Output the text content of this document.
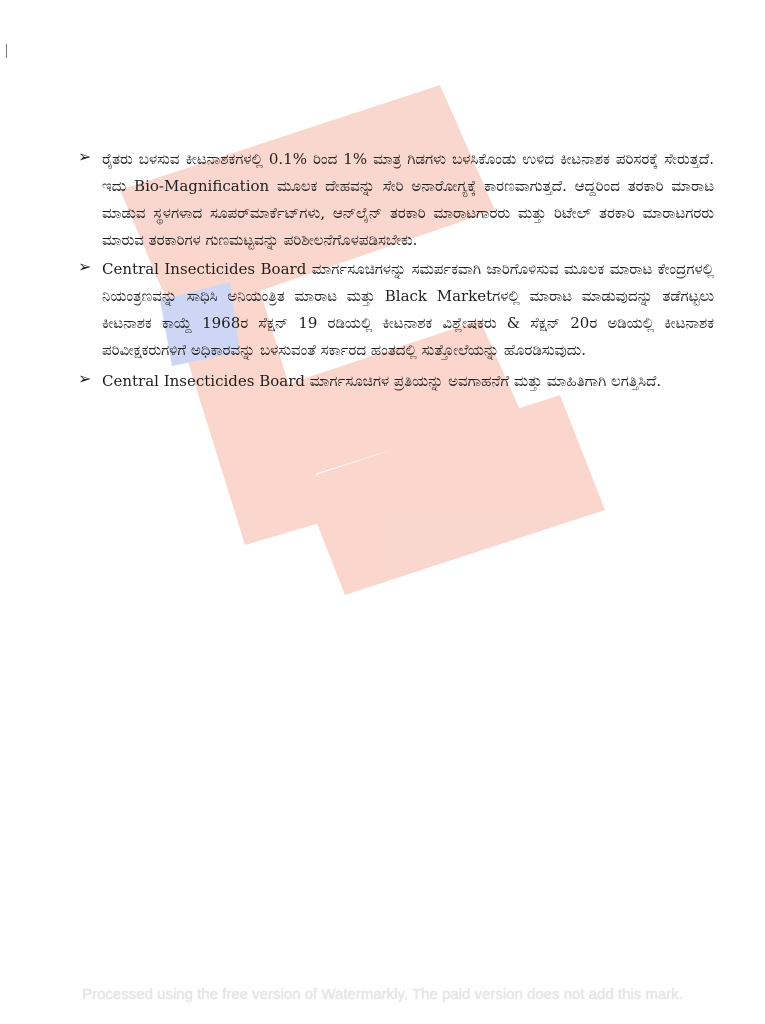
➢ ರೈತರು ಬಳಸುವ ಕೀಟನಾಶಕಗಳಲ್ಲಿ 0.1% ರಿಂದ 1% ಮಾತ್ರ ಗಿಡಗಳು ಬಳಸಿಕೊಂಡು ಉಳಿದ ಕೀಟನಾಶಕ ಪರಿಸರಕ್ಕೆ ಸೇರುತ್ತದೆ. ಇದು Bio-Magnification ಮೂಲಕ ದೇಹವನ್ನು ಸೇರಿ ಅನಾರೋಗ್ಯಕ್ಕೆ ಕಾರಣವಾಗುತ್ತದೆ. ಆದ್ದರಿಂದ ತರಕಾರಿ ಮಾರಾಟ ಮಾಡುವ ಸ್ಥಳಗಳಾದ ಸೂಪರ್‌ಮಾರ್ಕೆಟ್‌ಗಳು, ಆನ್‌ಲೈನ್ ತರಕಾರಿ ಮಾರಾಟಗಾರರು ಮತ್ತು ರಿಟೇಲ್ ತರಕಾರಿ ಮಾರಾಟಗರರು ಮಾರುವ ತರಕಾರಿಗಳ ಗುಣಮಟ್ಟವನ್ನು ಪರಿಶೀಲನೆಗೊಳಪಡಿಸಬೇಕು.
➢ Central Insecticides Board ಮಾರ್ಗಸೂಚಿಗಳನ್ನು ಸಮರ್ಪಕವಾಗಿ ಜಾರಿಗೊಳಿಸುವ ಮೂಲಕ ಮಾರಾಟ ಕೇಂದ್ರಗಳಲ್ಲಿ ನಿಯಂತ್ರಣವನ್ನು ಸಾಧಿಸಿ ಅನಿಯಂತ್ರಿತ ಮಾರಾಟ ಮತ್ತು Black Marketಗಳಲ್ಲಿ ಮಾರಾಟ ಮಾಡುವುದನ್ನು ತಡೆಗಟ್ಟಲು ಕೀಟನಾಶಕ ಕಾಯ್ದೆ 1968ರ ಸೆಕ್ಷನ್ 19 ರಡಿಯಲ್ಲಿ ಕೀಟನಾಶಕ ವಿಶ್ಲೇಷಕರು & ಸೆಕ್ಷನ್ 20ರ ಅಡಿಯಲ್ಲಿ ಕೀಟನಾಶಕ ಪರಿವೀಕ್ಷಕರುಗಳಿಗೆ ಅಧಿಕಾರವನ್ನು ಬಳಸುವಂತೆ ಸರ್ಕಾರದ ಹಂತದಲ್ಲಿ ಸುತ್ತೋಲೆಯನ್ನು ಹೊರಡಿಸುವುದು.
➢ Central Insecticides Board ಮಾರ್ಗಸೂಚಿಗಳ ಪ್ರತಿಯನ್ನು ಅವಗಾಹನೆಗೆ ಮತ್ತು ಮಾಹಿತಿಗಾಗಿ ಲಗತ್ತಿಸಿದೆ.
Processed using the free version of Watermarkly. The paid version does not add this mark.
